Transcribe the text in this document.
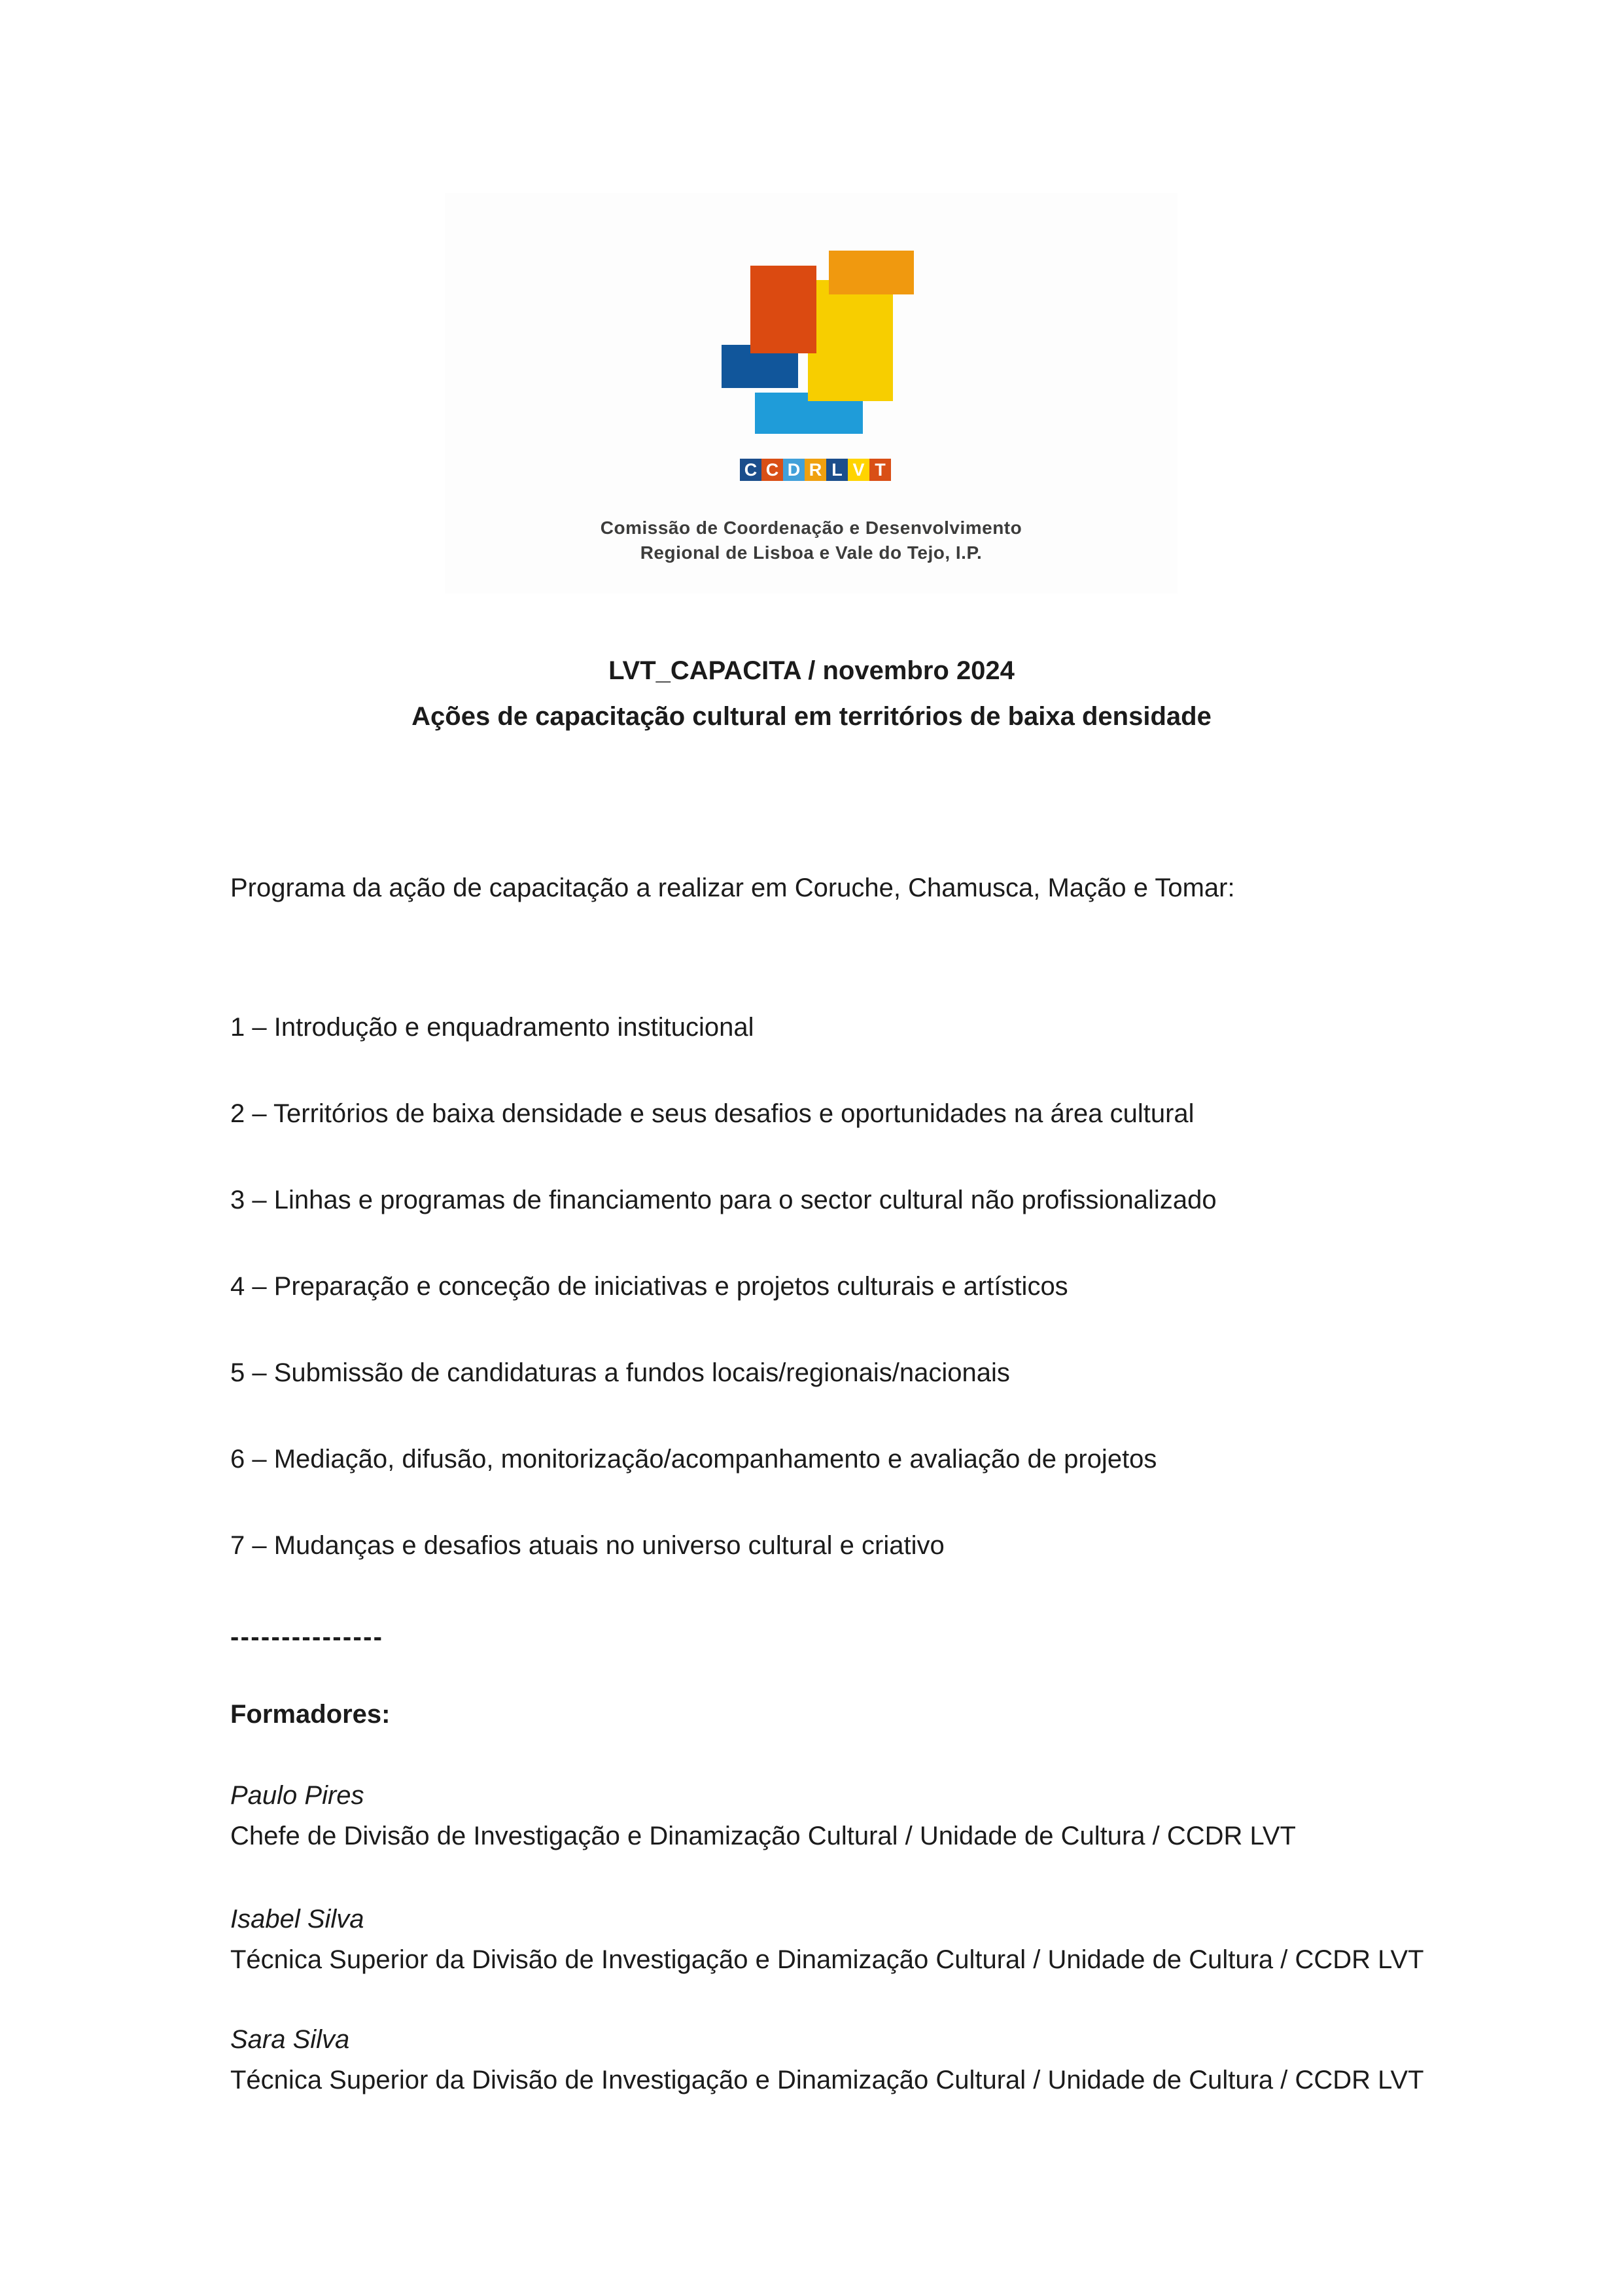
C C D R L V T
Comissão de Coordenação e Desenvolvimento
Regional de Lisboa e Vale do Tejo, I.P.
LVT_CAPACITA / novembro 2024
Ações de capacitação cultural em territórios de baixa densidade
Programa da ação de capacitação a realizar em Coruche, Chamusca, Mação e Tomar:
1 – Introdução e enquadramento institucional
2 – Territórios de baixa densidade e seus desafios e oportunidades na área cultural
3 – Linhas e programas de financiamento para o sector cultural não profissionalizado
4 – Preparação e conceção de iniciativas e projetos culturais e artísticos
5 – Submissão de candidaturas a fundos locais/regionais/nacionais
6 – Mediação, difusão, monitorização/acompanhamento e avaliação de projetos
7 – Mudanças e desafios atuais no universo cultural e criativo
---------------
Formadores:
Paulo Pires
Chefe de Divisão de Investigação e Dinamização Cultural / Unidade de Cultura / CCDR LVT
Isabel Silva
Técnica Superior da Divisão de Investigação e Dinamização Cultural / Unidade de Cultura / CCDR LVT
Sara Silva
Técnica Superior da Divisão de Investigação e Dinamização Cultural / Unidade de Cultura / CCDR LVT
